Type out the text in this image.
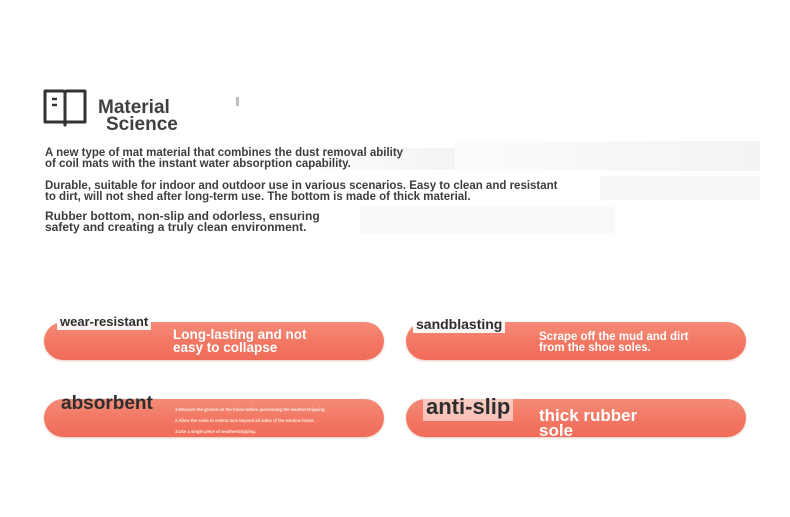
Material
Science
A new type of mat material that combines the dust removal ability
of coil mats with the instant water absorption capability.
Durable, suitable for indoor and outdoor use in various scenarios. Easy to clean and resistant
to dirt, will not shed after long-term use. The bottom is made of thick material.
Rubber bottom, non-slip and odorless, ensuring
safety and creating a truly clean environment.
wear-resistant
Long-lasting and not
easy to collapse
sandblasting
Scrape off the mud and dirt
from the shoe soles.
absorbent	1.Measure the groove on the frame before purchasing the weatherstripping.
2.Allow the seals to extend 3cm beyond all sides of the window frame.
3.Use a single piece of weatherstripping.
anti-slip thick rubber
sole
